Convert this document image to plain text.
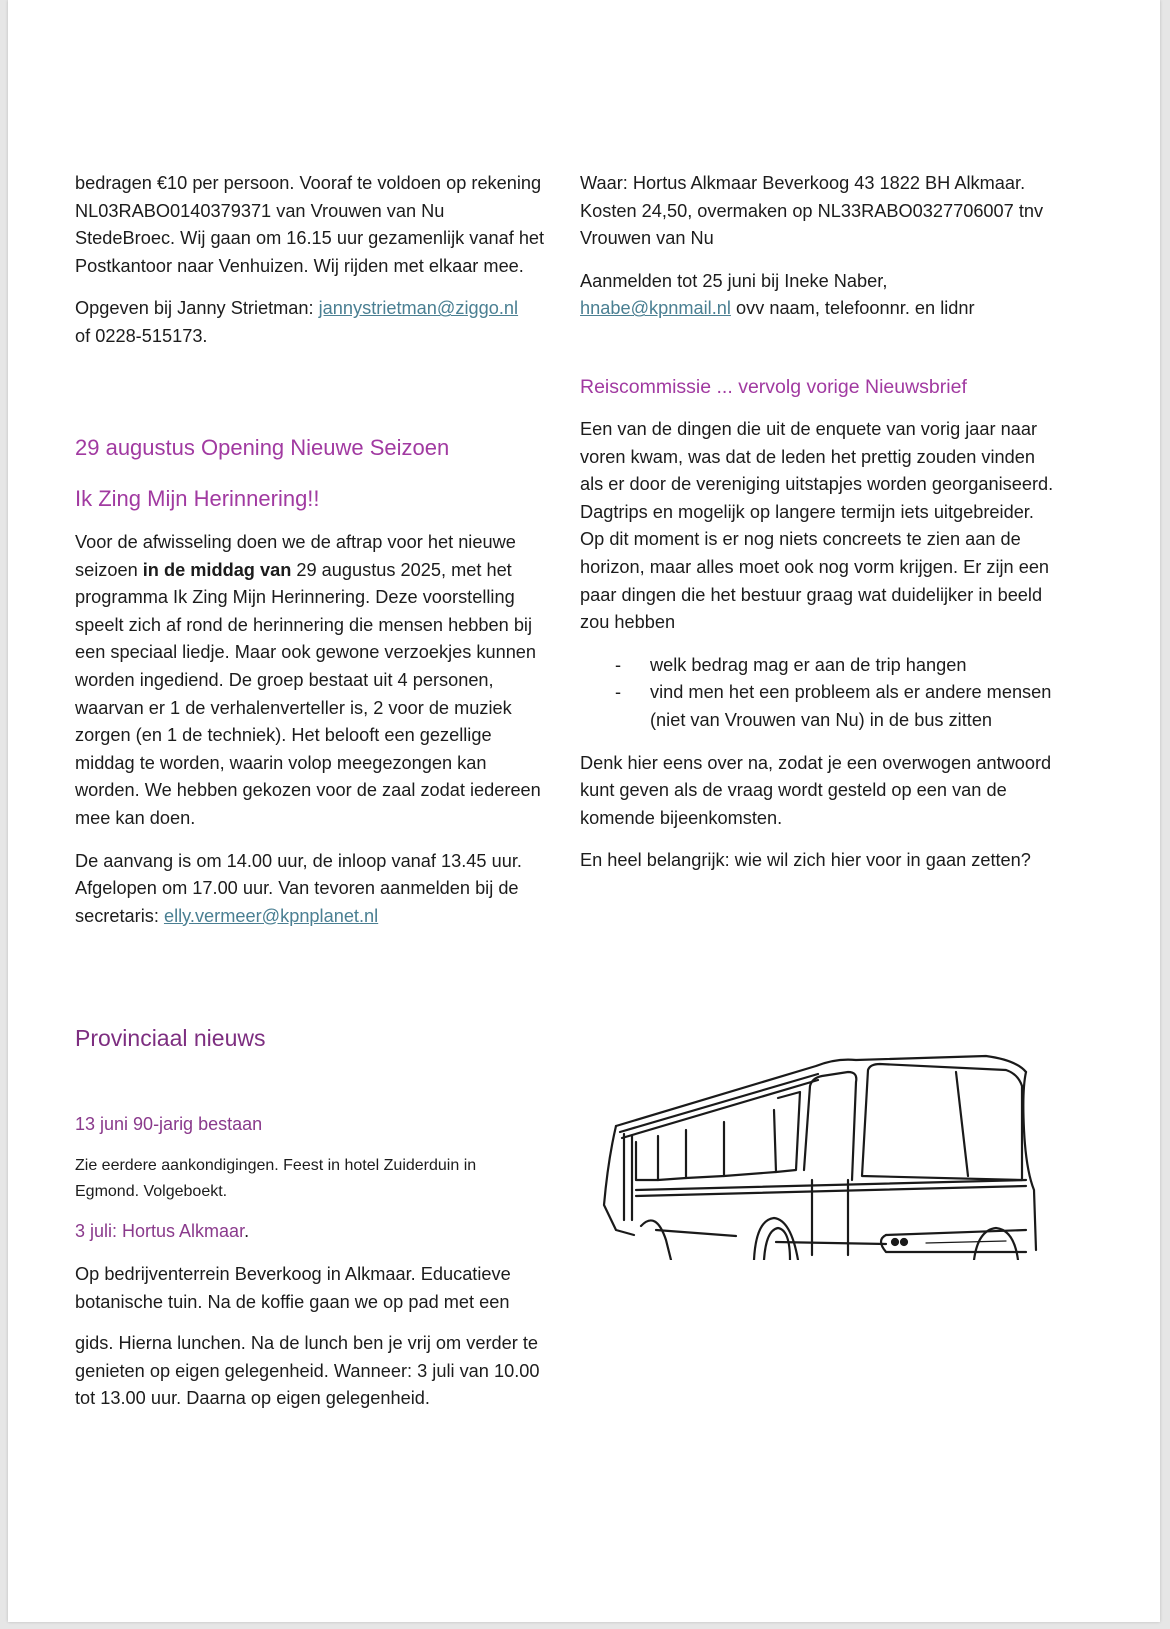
bedragen €10 per persoon. Vooraf te voldoen op rekening NL03RABO0140379371 van Vrouwen van Nu StedeBroec. Wij gaan om 16.15 uur gezamenlijk vanaf het Postkantoor naar Venhuizen. Wij rijden met elkaar mee.

Opgeven bij Janny Strietman: jannystrietman@ziggo.nl
of 0228-515173.

29 augustus Opening Nieuwe Seizoen
Ik Zing Mijn Herinnering!!

Voor de afwisseling doen we de aftrap voor het nieuwe seizoen in de middag van 29 augustus 2025, met het programma Ik Zing Mijn Herinnering. Deze voorstelling speelt zich af rond de herinnering die mensen hebben bij een speciaal liedje. Maar ook gewone verzoekjes kunnen worden ingediend. De groep bestaat uit 4 personen, waarvan er 1 de verhalenverteller is, 2 voor de muziek zorgen (en 1 de techniek). Het belooft een gezellige middag te worden, waarin volop meegezongen kan worden. We hebben gekozen voor de zaal zodat iedereen mee kan doen.

De aanvang is om 14.00 uur, de inloop vanaf 13.45 uur. Afgelopen om 17.00 uur. Van tevoren aanmelden bij de secretaris: elly.vermeer@kpnplanet.nl

Provinciaal nieuws
13 juni 90-jarig bestaan

Zie eerdere aankondigingen. Feest in hotel Zuiderduin in Egmond. Volgeboekt.

3 juli: Hortus Alkmaar.

Op bedrijventerrein Beverkoog in Alkmaar. Educatieve botanische tuin. Na de koffie gaan we op pad met een

gids. Hierna lunchen. Na de lunch ben je vrij om verder te genieten op eigen gelegenheid. Wanneer: 3 juli van 10.00 tot 13.00 uur. Daarna op eigen gelegenheid.

Waar: Hortus Alkmaar Beverkoog 43 1822 BH Alkmaar. Kosten 24,50, overmaken op NL33RABO0327706007 tnv Vrouwen van Nu

Aanmelden tot 25 juni bij Ineke Naber,
hnabe@kpnmail.nl ovv naam, telefoonnr. en lidnr

Reiscommissie ... vervolg vorige Nieuwsbrief

Een van de dingen die uit de enquete van vorig jaar naar voren kwam, was dat de leden het prettig zouden vinden als er door de vereniging uitstapjes worden georganiseerd. Dagtrips en mogelijk op langere termijn iets uitgebreider. Op dit moment is er nog niets concreets te zien aan de horizon, maar alles moet ook nog vorm krijgen. Er zijn een paar dingen die het bestuur graag wat duidelijker in beeld zou hebben

- welk bedrag mag er aan de trip hangen
- vind men het een probleem als er andere mensen (niet van Vrouwen van Nu) in de bus zitten

Denk hier eens over na, zodat je een overwogen antwoord kunt geven als de vraag wordt gesteld op een van de komende bijeenkomsten.

En heel belangrijk: wie wil zich hier voor in gaan zetten?
